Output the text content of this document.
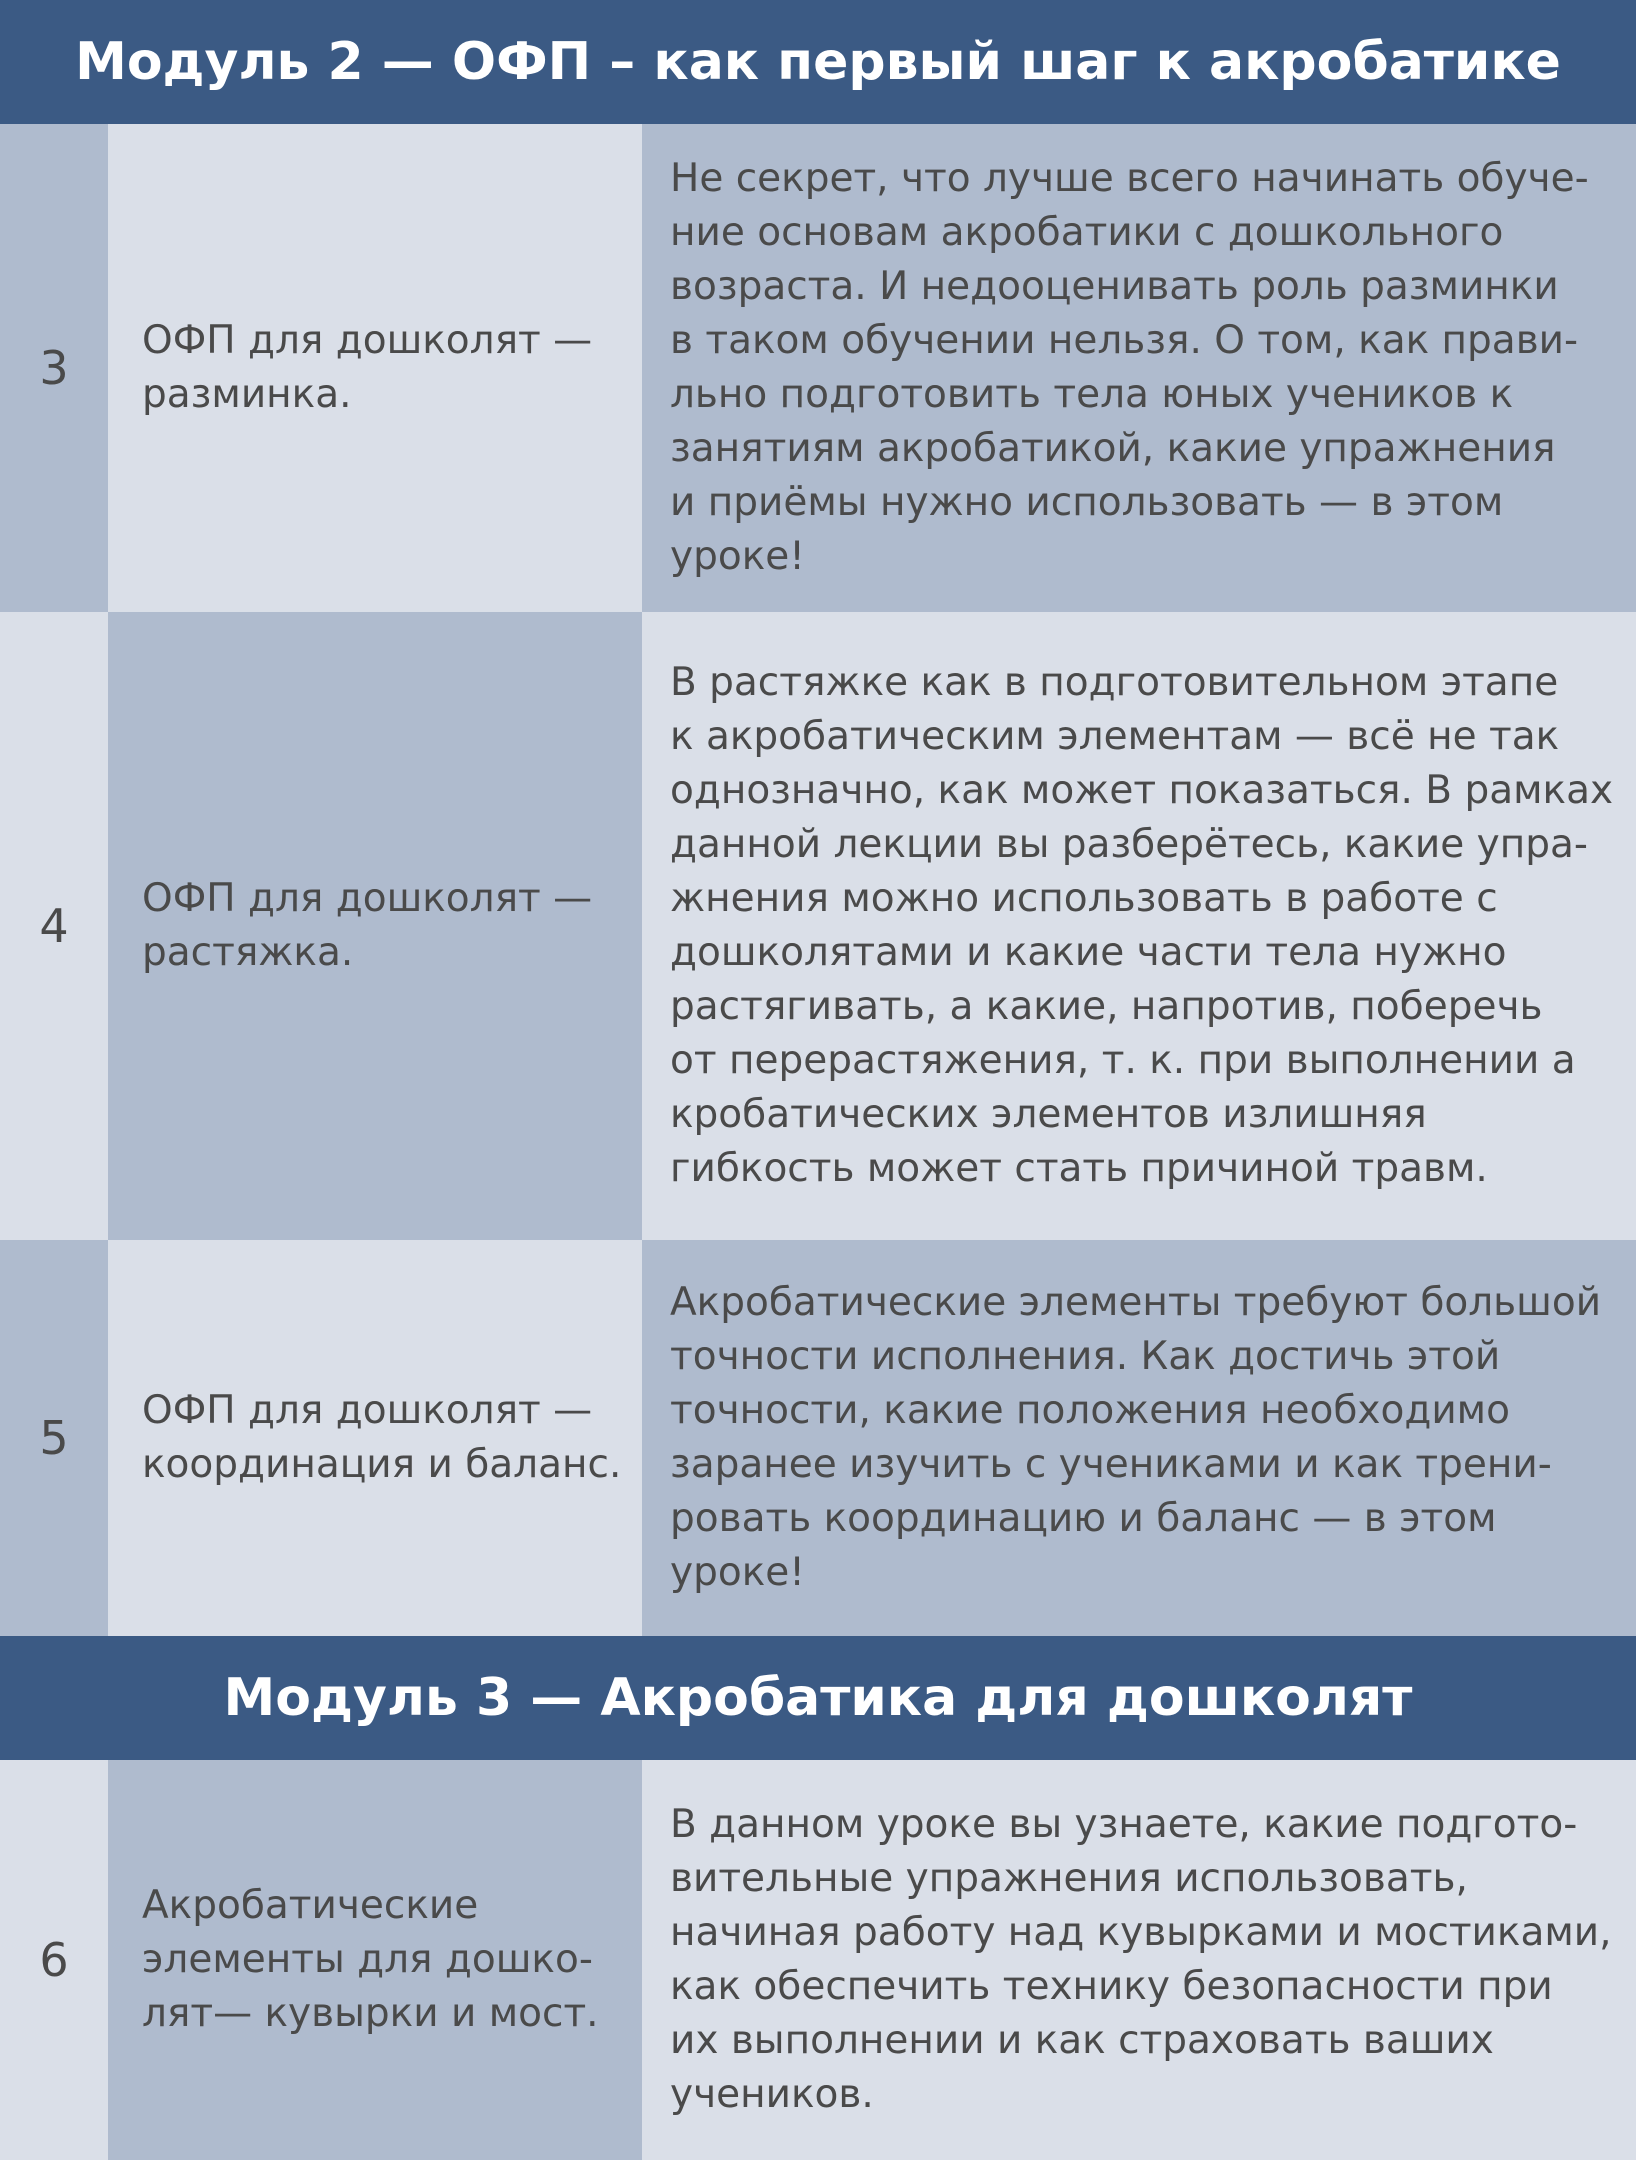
Модуль 2 — ОФП – как первый шаг к акробатике
3
ОФП для дошколят —
разминка.
Не секрет, что лучше всего начинать обуче-
ние основам акробатики с дошкольного
возраста. И недооценивать роль разминки
в таком обучении нельзя. О том, как прави-
льно подготовить тела юных учеников к
занятиям акробатикой, какие упражнения
и приёмы нужно использовать — в этом
уроке!
4
ОФП для дошколят —
растяжка.
В растяжке как в подготовительном этапе
к акробатическим элементам — всё не так
однозначно, как может показаться. В рамках
данной лекции вы разберётесь, какие упра-
жнения можно использовать в работе с
дошколятами и какие части тела нужно
растягивать, а какие, напротив, поберечь
от перерастяжения, т. к. при выполнении а
кробатических элементов излишняя
гибкость может стать причиной травм.
5
ОФП для дошколят —
координация и баланс.
Акробатические элементы требуют большой
точности исполнения. Как достичь этой
точности, какие положения необходимо
заранее изучить с учениками и как трени-
ровать координацию и баланс — в этом
уроке!
Модуль 3 — Акробатика для дошколят
6
Акробатические
элементы для дошко-
лят— кувырки и мост.
В данном уроке вы узнаете, какие подгото-
вительные упражнения использовать,
начиная работу над кувырками и мостиками,
как обеспечить технику безопасности при
их выполнении и как страховать ваших
учеников.
